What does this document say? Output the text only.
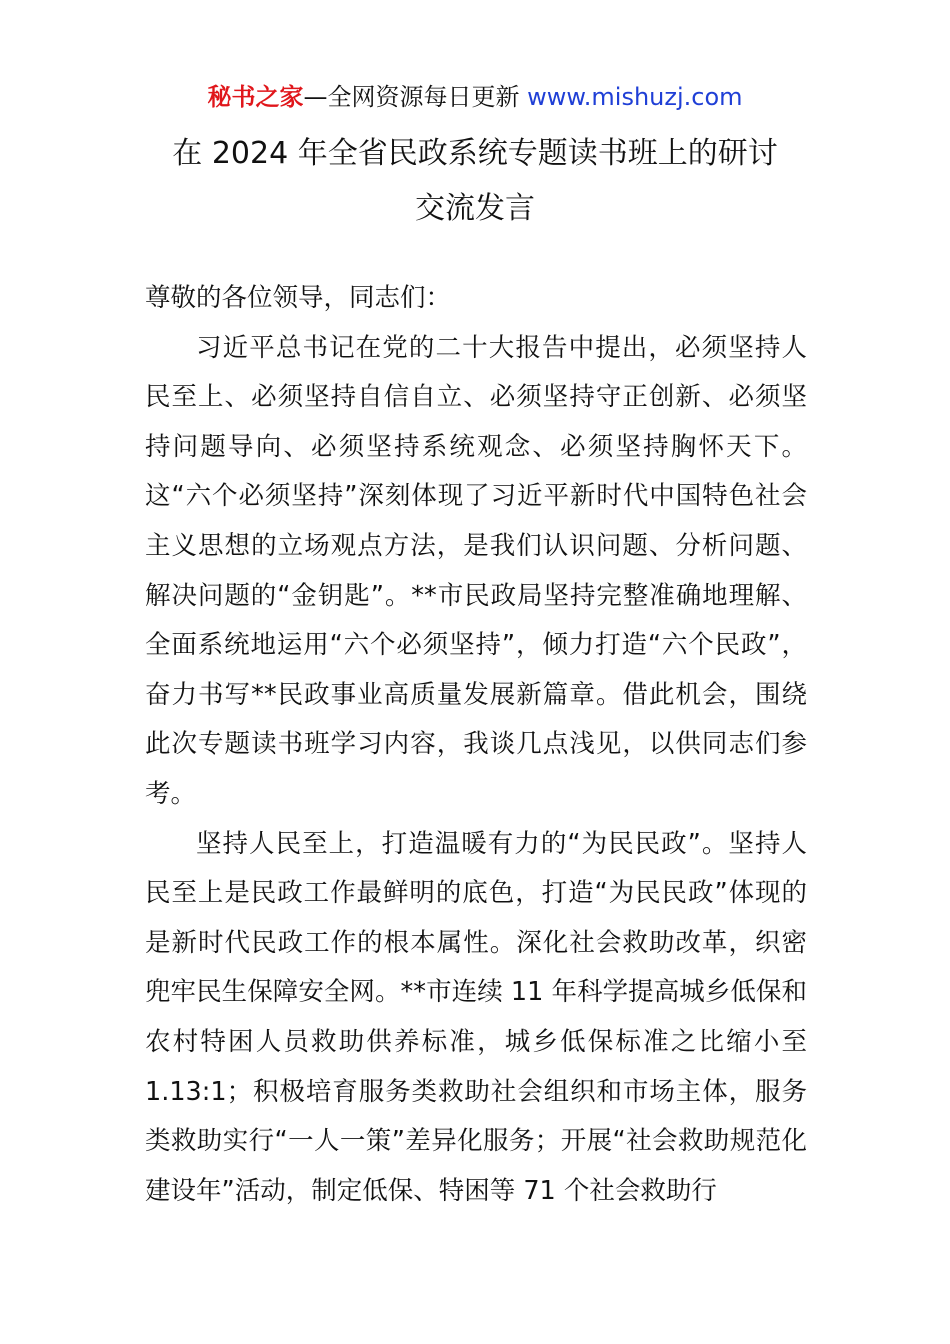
秘书之家—全网资源每日更新 www.mishuzj.com
在 2024 年全省民政系统专题读书班上的研讨
交流发言

尊敬的各位领导，同志们：

习近平总书记在党的二十大报告中提出，必须坚持人民至上、必须坚持自信自立、必须坚持守正创新、必须坚持问题导向、必须坚持系统观念、必须坚持胸怀天下。这“六个必须坚持”深刻体现了习近平新时代中国特色社会主义思想的立场观点方法，是我们认识问题、分析问题、解决问题的“金钥匙”。**市民政局坚持完整准确地理解、全面系统地运用“六个必须坚持”，倾力打造“六个民政”，奋力书写**民政事业高质量发展新篇章。借此机会，围绕此次专题读书班学习内容，我谈几点浅见，以供同志们参考。

坚持人民至上，打造温暖有力的“为民民政”。坚持人民至上是民政工作最鲜明的底色，打造“为民民政”体现的是新时代民政工作的根本属性。深化社会救助改革，织密兜牢民生保障安全网。**市连续 11 年科学提高城乡低保和农村特困人员救助供养标准，城乡低保标准之比缩小至 1.13:1；积极培育服务类救助社会组织和市场主体，服务类救助实行“一人一策”差异化服务；开展“社会救助规范化建设年”活动，制定低保、特困等 71 个社会救助行
